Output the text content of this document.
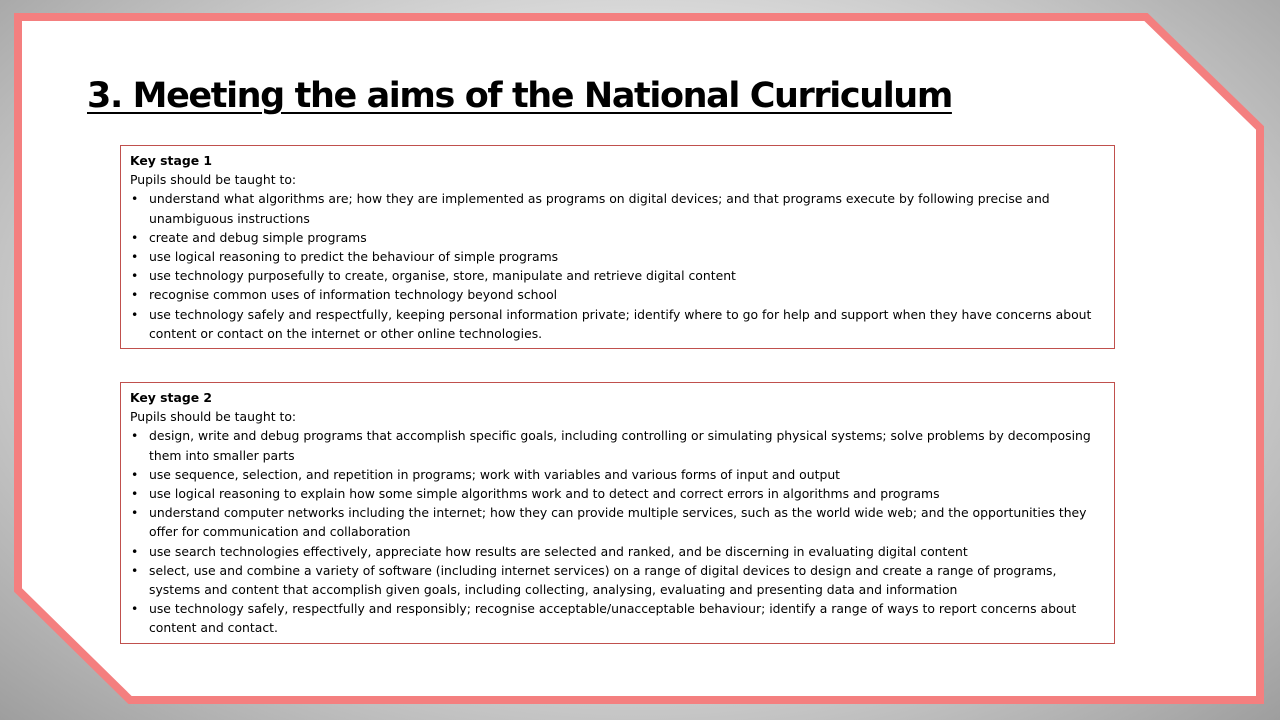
3. Meeting the aims of the National Curriculum
Key stage 1
Pupils should be taught to:
• understand what algorithms are; how they are implemented as programs on digital devices; and that programs execute by following precise and unambiguous instructions
• create and debug simple programs
• use logical reasoning to predict the behaviour of simple programs
• use technology purposefully to create, organise, store, manipulate and retrieve digital content
• recognise common uses of information technology beyond school
• use technology safely and respectfully, keeping personal information private; identify where to go for help and support when they have concerns about content or contact on the internet or other online technologies.
Key stage 2
Pupils should be taught to:
• design, write and debug programs that accomplish specific goals, including controlling or simulating physical systems; solve problems by decomposing them into smaller parts
• use sequence, selection, and repetition in programs; work with variables and various forms of input and output
• use logical reasoning to explain how some simple algorithms work and to detect and correct errors in algorithms and programs
• understand computer networks including the internet; how they can provide multiple services, such as the world wide web; and the opportunities they offer for communication and collaboration
• use search technologies effectively, appreciate how results are selected and ranked, and be discerning in evaluating digital content
• select, use and combine a variety of software (including internet services) on a range of digital devices to design and create a range of programs, systems and content that accomplish given goals, including collecting, analysing, evaluating and presenting data and information
• use technology safely, respectfully and responsibly; recognise acceptable/unacceptable behaviour; identify a range of ways to report concerns about content and contact.
